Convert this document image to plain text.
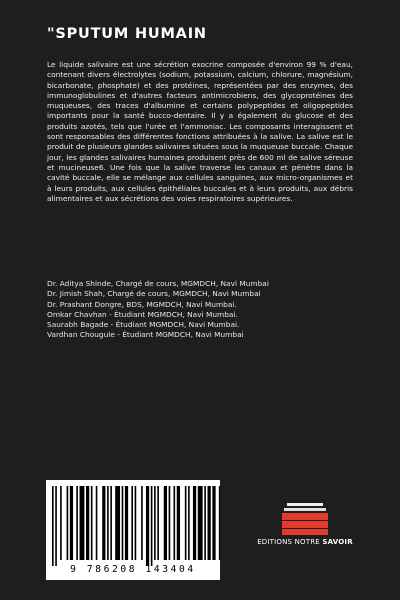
"SPUTUM HUMAIN

Le liquide salivaire est une sécrétion exocrine composée d'environ 99 % d'eau, contenant divers électrolytes (sodium, potassium, calcium, chlorure, magnésium, bicarbonate, phosphate) et des protéines, représentées par des enzymes, des immunoglobulines et d'autres facteurs antimicrobiens, des glycoprotéines des muqueuses, des traces d'albumine et certains polypeptides et oligopeptides importants pour la santé bucco-dentaire. Il y a également du glucose et des produits azotés, tels que l'urée et l'ammoniac. Les composants interagissent et sont responsables des différentes fonctions attribuées à la salive. La salive est le produit de plusieurs glandes salivaires situées sous la muqueuse buccale. Chaque jour, les glandes salivaires humaines produisent près de 600 ml de salive séreuse et mucineuse6. Une fois que la salive traverse les canaux et pénètre dans la cavité buccale, elle se mélange aux cellules sanguines, aux micro-organismes et à leurs produits, aux cellules épithéliales buccales et à leurs produits, aux débris alimentaires et aux sécrétions des voies respiratoires supérieures.

Dr. Aditya Shinde, Chargé de cours, MGMDCH, Navi Mumbai
Dr. Jimish Shah, Chargé de cours, MGMDCH, Navi Mumbai
Dr. Prashant Dongre, BDS, MGMDCH, Navi Mumbai.
Omkar Chavhan - Étudiant MGMDCH, Navi Mumbai.
Saurabh Bagade - Étudiant MGMDCH, Navi Mumbai.
Vardhan Chougule - Étudiant MGMDCH, Navi Mumbai
9 786208 143404
EDITIONS NOTRE SAVOIR
